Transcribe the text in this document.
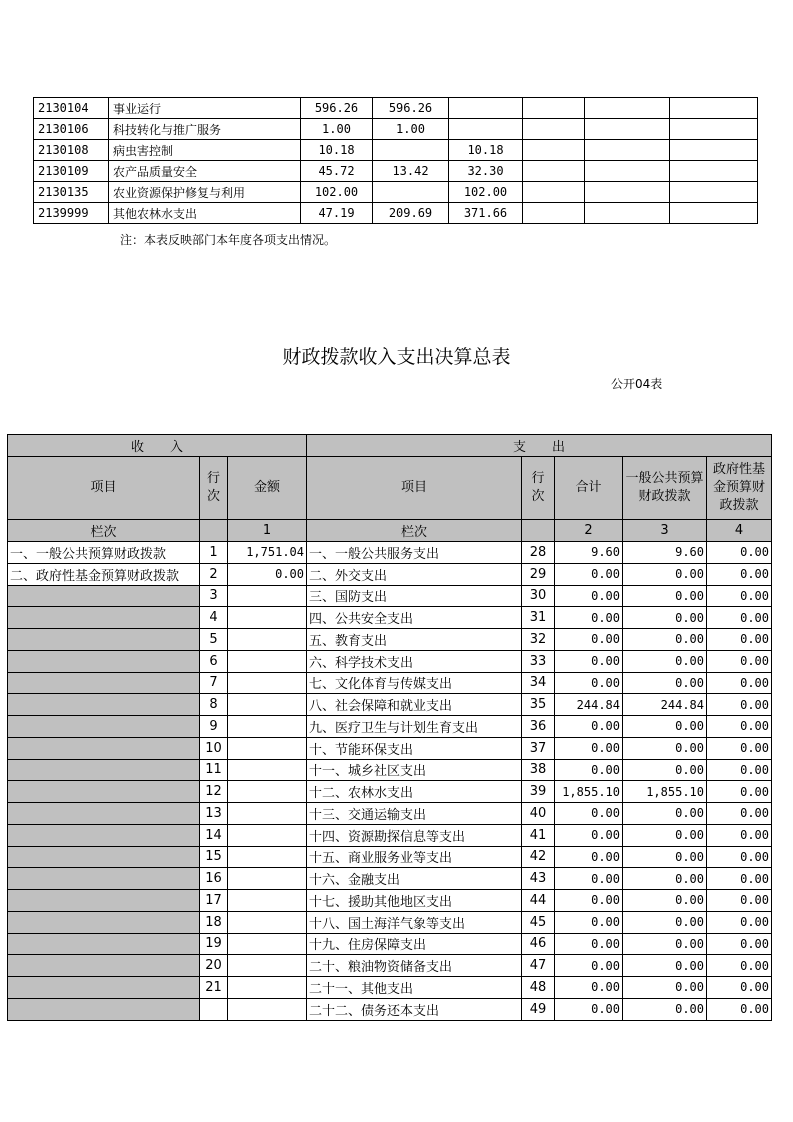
2130104	事业运行	596.26	596.26				
2130106	科技转化与推广服务	1.00	1.00				
2130108	病虫害控制	10.18		10.18			
2130109	农产品质量安全	45.72	13.42	32.30			
2130135	农业资源保护修复与利用	102.00		102.00			
2139999	其他农林水支出	47.19	209.69	371.66			
注：本表反映部门本年度各项支出情况。
财政拨款收入支出决算总表
公开04表
收　　入			支　　出				
项目	行次	金额	项目	行次	合计	一般公共预算财政拨款	政府性基金预算财政拨款
栏次		1	栏次		2	3	4
一、一般公共预算财政拨款	1	1,751.04	一、一般公共服务支出	28	9.60	9.60	0.00
二、政府性基金预算财政拨款	2	0.00	二、外交支出	29	0.00	0.00	0.00
	3		三、国防支出	30	0.00	0.00	0.00
	4		四、公共安全支出	31	0.00	0.00	0.00
	5		五、教育支出	32	0.00	0.00	0.00
	6		六、科学技术支出	33	0.00	0.00	0.00
	7		七、文化体育与传媒支出	34	0.00	0.00	0.00
	8		八、社会保障和就业支出	35	244.84	244.84	0.00
	9		九、医疗卫生与计划生育支出	36	0.00	0.00	0.00
	10		十、节能环保支出	37	0.00	0.00	0.00
	11		十一、城乡社区支出	38	0.00	0.00	0.00
	12		十二、农林水支出	39	1,855.10	1,855.10	0.00
	13		十三、交通运输支出	40	0.00	0.00	0.00
	14		十四、资源勘探信息等支出	41	0.00	0.00	0.00
	15		十五、商业服务业等支出	42	0.00	0.00	0.00
	16		十六、金融支出	43	0.00	0.00	0.00
	17		十七、援助其他地区支出	44	0.00	0.00	0.00
	18		十八、国土海洋气象等支出	45	0.00	0.00	0.00
	19		十九、住房保障支出	46	0.00	0.00	0.00
	20		二十、粮油物资储备支出	47	0.00	0.00	0.00
	21		二十一、其他支出	48	0.00	0.00	0.00
			二十二、债务还本支出	49	0.00	0.00	0.00
